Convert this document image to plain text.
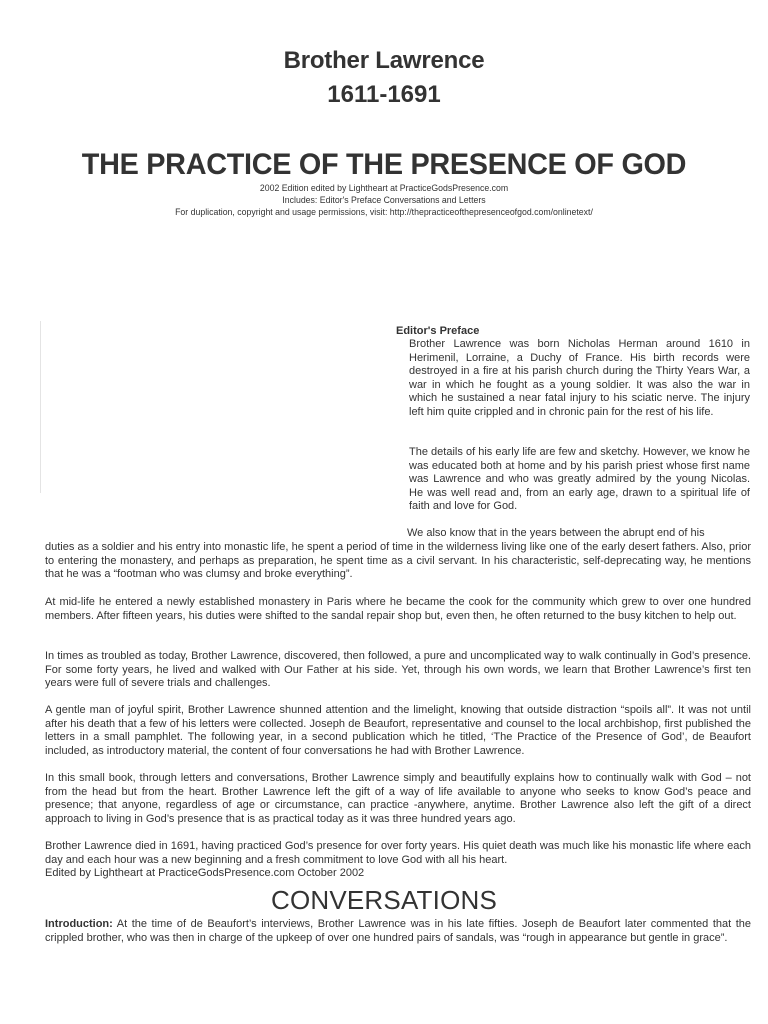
Brother Lawrence
1611-1691
THE PRACTICE OF THE PRESENCE OF GOD
2002 Edition edited by Lightheart at PracticeGodsPresence.com
Includes: Editor's Preface Conversations and Letters
For duplication, copyright and usage permissions, visit: http://thepracticeofthepresenceofgod.com/onlinetext/
Editor's Preface
Brother Lawrence was born Nicholas Herman around 1610 in Herimenil, Lorraine, a Duchy of France. His birth records were destroyed in a fire at his parish church during the Thirty Years War, a war in which he fought as a young soldier. It was also the war in which he sustained a near fatal injury to his sciatic nerve. The injury left him quite crippled and in chronic pain for the rest of his life.
The details of his early life are few and sketchy. However, we know he was educated both at home and by his parish priest whose first name was Lawrence and who was greatly admired by the young Nicolas. He was well read and, from an early age, drawn to a spiritual life of faith and love for God.
We also know that in the years between the abrupt end of his
duties as a soldier and his entry into monastic life, he spent a period of time in the wilderness living like one of the early desert fathers. Also, prior to entering the monastery, and perhaps as preparation, he spent time as a civil servant. In his characteristic, self-deprecating way, he mentions that he was a “footman who was clumsy and broke everything”.
At mid-life he entered a newly established monastery in Paris where he became the cook for the community which grew to over one hundred members. After fifteen years, his duties were shifted to the sandal repair shop but, even then, he often returned to the busy kitchen to help out.
In times as troubled as today, Brother Lawrence, discovered, then followed, a pure and uncomplicated way to walk continually in God’s presence. For some forty years, he lived and walked with Our Father at his side. Yet, through his own words, we learn that Brother Lawrence’s first ten years were full of severe trials and challenges.
A gentle man of joyful spirit, Brother Lawrence shunned attention and the limelight, knowing that outside distraction “spoils all”. It was not until after his death that a few of his letters were collected. Joseph de Beaufort, representative and counsel to the local archbishop, first published the letters in a small pamphlet. The following year, in a second publication which he titled, ‘The Practice of the Presence of God’, de Beaufort included, as introductory material, the content of four conversations he had with Brother Lawrence.
In this small book, through letters and conversations, Brother Lawrence simply and beautifully explains how to continually walk with God – not from the head but from the heart. Brother Lawrence left the gift of a way of life available to anyone who seeks to know God’s peace and presence; that anyone, regardless of age or circumstance, can practice -anywhere, anytime. Brother Lawrence also left the gift of a direct approach to living in God’s presence that is as practical today as it was three hundred years ago.
Brother Lawrence died in 1691, having practiced God’s presence for over forty years. His quiet death was much like his monastic life where each day and each hour was a new beginning and a fresh commitment to love God with all his heart.
Edited by Lightheart at PracticeGodsPresence.com October 2002
CONVERSATIONS
Introduction: At the time of de Beaufort’s interviews, Brother Lawrence was in his late fifties. Joseph de Beaufort later commented that the crippled brother, who was then in charge of the upkeep of over one hundred pairs of sandals, was “rough in appearance but gentle in grace”.
